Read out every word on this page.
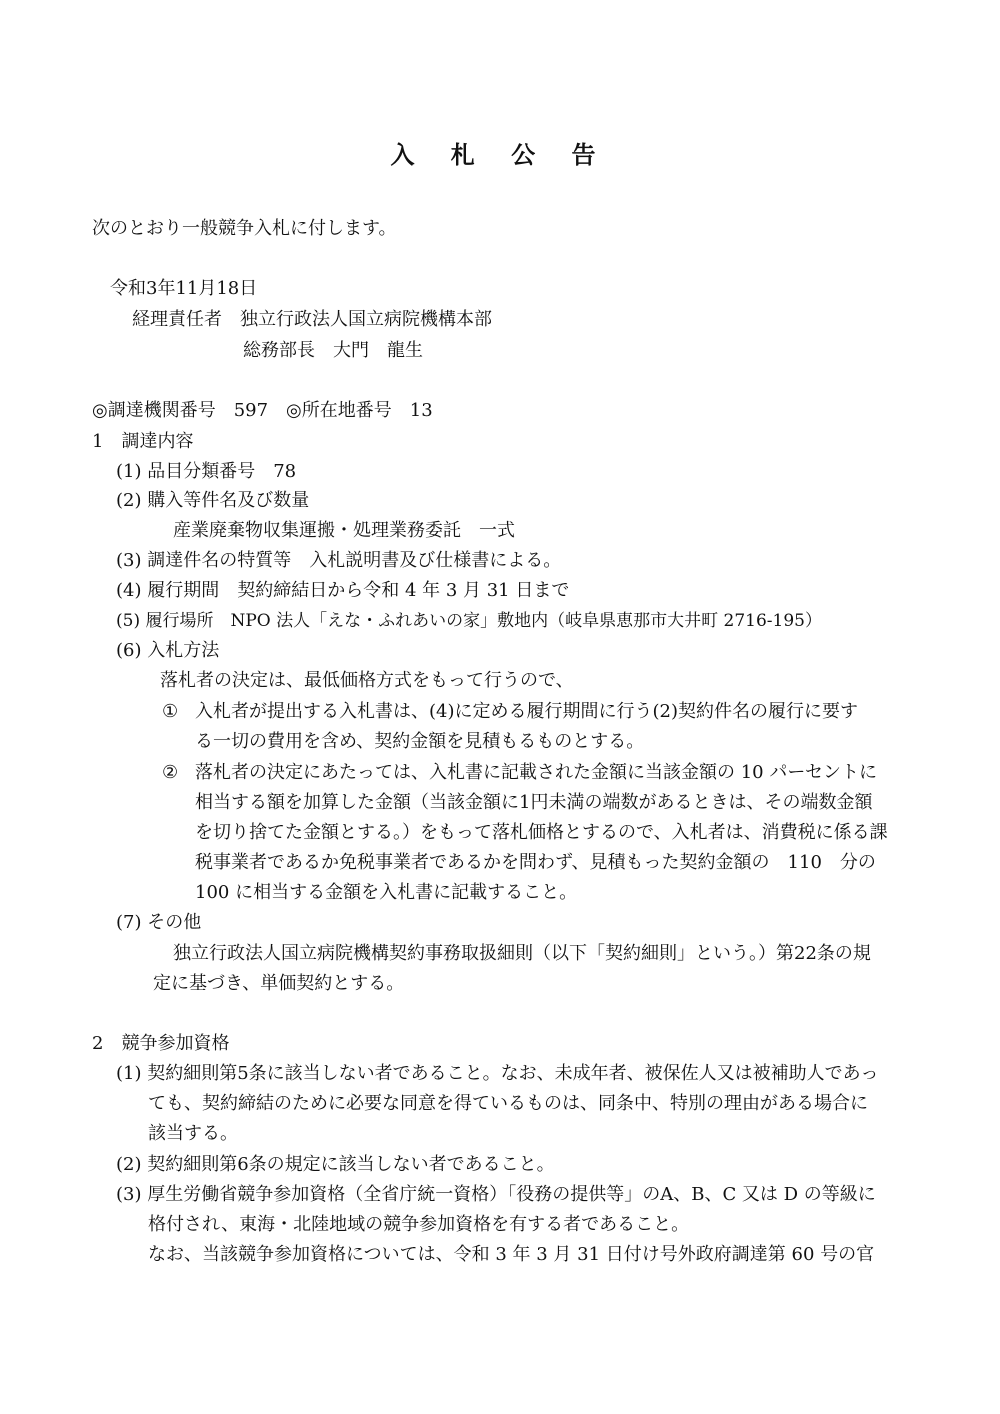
入 札 公 告
次のとおり一般競争入札に付します。
令和3年11月18日
経理責任者　独立行政法人国立病院機構本部
総務部長　大門　龍生
◎調達機関番号　597　◎所在地番号　13
1　調達内容
(1) 品目分類番号　78
(2) 購入等件名及び数量
産業廃棄物収集運搬・処理業務委託　一式
(3) 調達件名の特質等　入札説明書及び仕様書による。
(4) 履行期間　契約締結日から令和 4 年 3 月 31 日まで
(5) 履行場所　NPO 法人「えな・ふれあいの家」敷地内（岐阜県恵那市大井町 2716-195）
(6) 入札方法
落札者の決定は、最低価格方式をもって行うので、
① 入札者が提出する入札書は、(4)に定める履行期間に行う(2)契約件名の履行に要す
る一切の費用を含め、契約金額を見積もるものとする。
② 落札者の決定にあたっては、入札書に記載された金額に当該金額の 10 パーセントに
相当する額を加算した金額（当該金額に1円未満の端数があるときは、その端数金額
を切り捨てた金額とする。）をもって落札価格とするので、入札者は、消費税に係る課
税事業者であるか免税事業者であるかを問わず、見積もった契約金額の　110　分の
100 に相当する金額を入札書に記載すること。
(7) その他
独立行政法人国立病院機構契約事務取扱細則（以下「契約細則」という。）第22条の規
定に基づき、単価契約とする。
2　競争参加資格
(1) 契約細則第5条に該当しない者であること。なお、未成年者、被保佐人又は被補助人であっ
ても、契約締結のために必要な同意を得ているものは、同条中、特別の理由がある場合に
該当する。
(2) 契約細則第6条の規定に該当しない者であること。
(3) 厚生労働省競争参加資格（全省庁統一資格）「役務の提供等」のA、B、C 又は D の等級に
格付され、東海・北陸地域の競争参加資格を有する者であること。
なお、当該競争参加資格については、令和 3 年 3 月 31 日付け号外政府調達第 60 号の官
